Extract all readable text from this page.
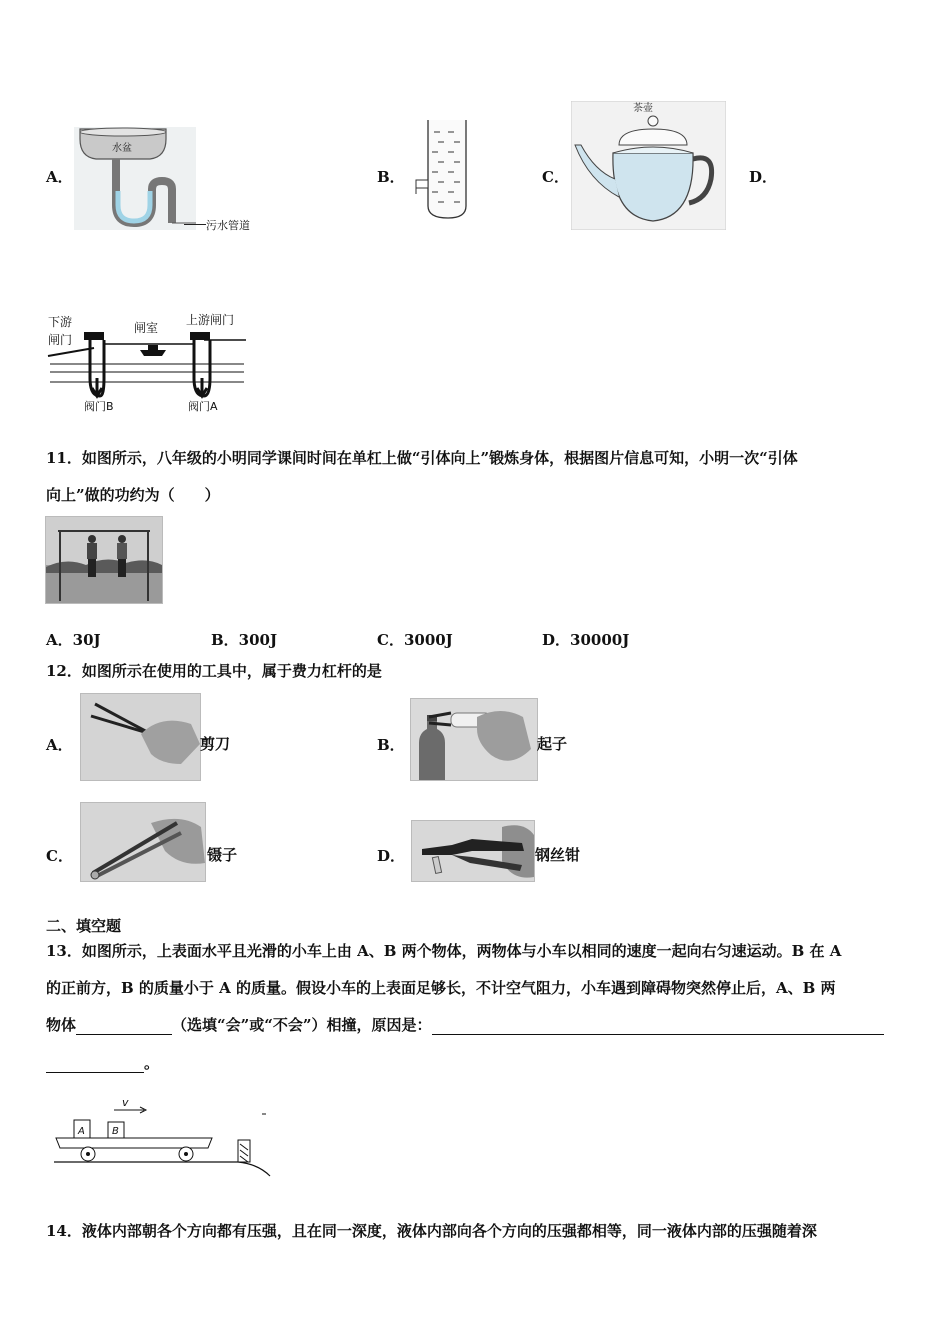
A．
水盆
污水管道
B．	C．
茶壶
D．
下游
闸门
闸室
上游闸门
阀门B	阀门A
11．如图所示，八年级的小明同学课间时间在单杠上做“引体向上”锻炼身体，根据图片信息可知，小明一次“引体
向上”做的功约为（　　）
A．30J	B．300J	C．3000J	D．30000J
12．如图所示在使用的工具中，属于费力杠杆的是
A．	剪刀	B．	起子
C．	镊子	D．	钢丝钳
二、填空题
13．如图所示，上表面水平且光滑的小车上由 A、B 两个物体，两物体与小车以相同的速度一起向右匀速运动。B 在 A
的正前方，B 的质量小于 A 的质量。假设小车的上表面足够长，不计空气阻力，小车遇到障碍物突然停止后，A、B 两
物体	（选填“会”或“不会”）相撞，原因是：
。
v
A	B
14．液体内部朝各个方向都有压强，且在同一深度，液体内部向各个方向的压强都相等，同一液体内部的压强随着深
